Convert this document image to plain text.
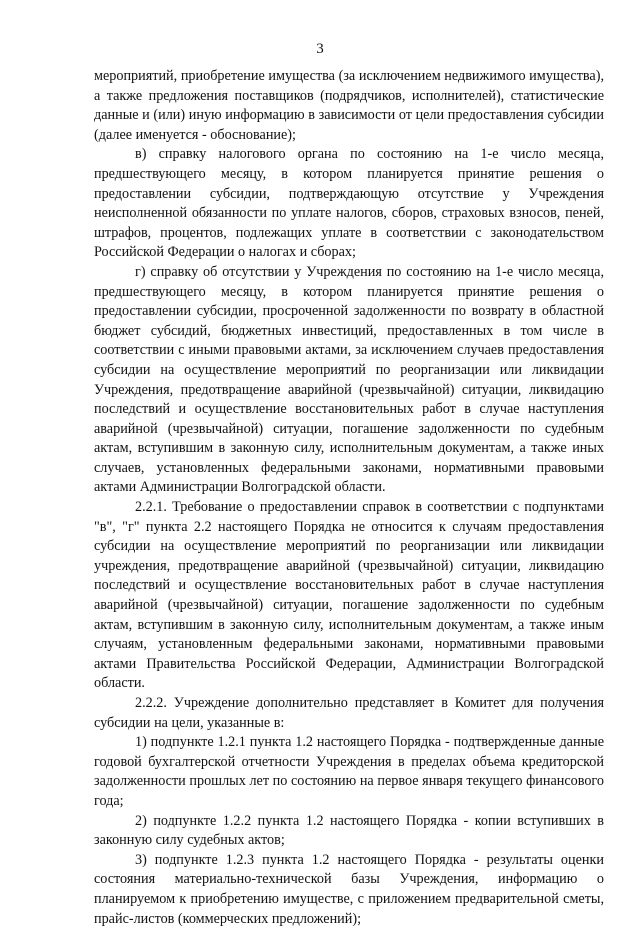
3

мероприятий, приобретение имущества (за исключением недвижимого имущества), а также предложения поставщиков (подрядчиков, исполнителей), статистические данные и (или) иную информацию в зависимости от цели предоставления субсидии (далее именуется - обоснование);

в) справку налогового органа по состоянию на 1-е число месяца, предшествующего месяцу, в котором планируется принятие решения о предоставлении субсидии, подтверждающую отсутствие у Учреждения неисполненной обязанности по уплате налогов, сборов, страховых взносов, пеней, штрафов, процентов, подлежащих уплате в соответствии с законодательством Российской Федерации о налогах и сборах;

г) справку об отсутствии у Учреждения по состоянию на 1-е число месяца, предшествующего месяцу, в котором планируется принятие решения о предоставлении субсидии, просроченной задолженности по возврату в областной бюджет субсидий, бюджетных инвестиций, предоставленных в том числе в соответствии с иными правовыми актами, за исключением случаев предоставления субсидии на осуществление мероприятий по реорганизации или ликвидации Учреждения, предотвращение аварийной (чрезвычайной) ситуации, ликвидацию последствий и осуществление восстановительных работ в случае наступления аварийной (чрезвычайной) ситуации, погашение задолженности по судебным актам, вступившим в законную силу, исполнительным документам, а также иных случаев, установленных федеральными законами, нормативными правовыми актами Администрации Волгоградской области.

2.2.1. Требование о предоставлении справок в соответствии с подпунктами "в", "г" пункта 2.2 настоящего Порядка не относится к случаям предоставления субсидии на осуществление мероприятий по реорганизации или ликвидации учреждения, предотвращение аварийной (чрезвычайной) ситуации, ликвидацию последствий и осуществление восстановительных работ в случае наступления аварийной (чрезвычайной) ситуации, погашение задолженности по судебным актам, вступившим в законную силу, исполнительным документам, а также иным случаям, установленным федеральными законами, нормативными правовыми актами Правительства Российской Федерации, Администрации Волгоградской области.

2.2.2. Учреждение дополнительно представляет в Комитет для получения субсидии на цели, указанные в:

1) подпункте 1.2.1 пункта 1.2 настоящего Порядка - подтвержденные данные годовой бухгалтерской отчетности Учреждения в пределах объема кредиторской задолженности прошлых лет по состоянию на первое января текущего финансового года;

2) подпункте 1.2.2 пункта 1.2 настоящего Порядка - копии вступивших в законную силу судебных актов;

3) подпункте 1.2.3 пункта 1.2 настоящего Порядка - результаты оценки состояния материально-технической базы Учреждения, информацию о планируемом к приобретению имуществе, с приложением предварительной сметы, прайс-листов (коммерческих предложений);
